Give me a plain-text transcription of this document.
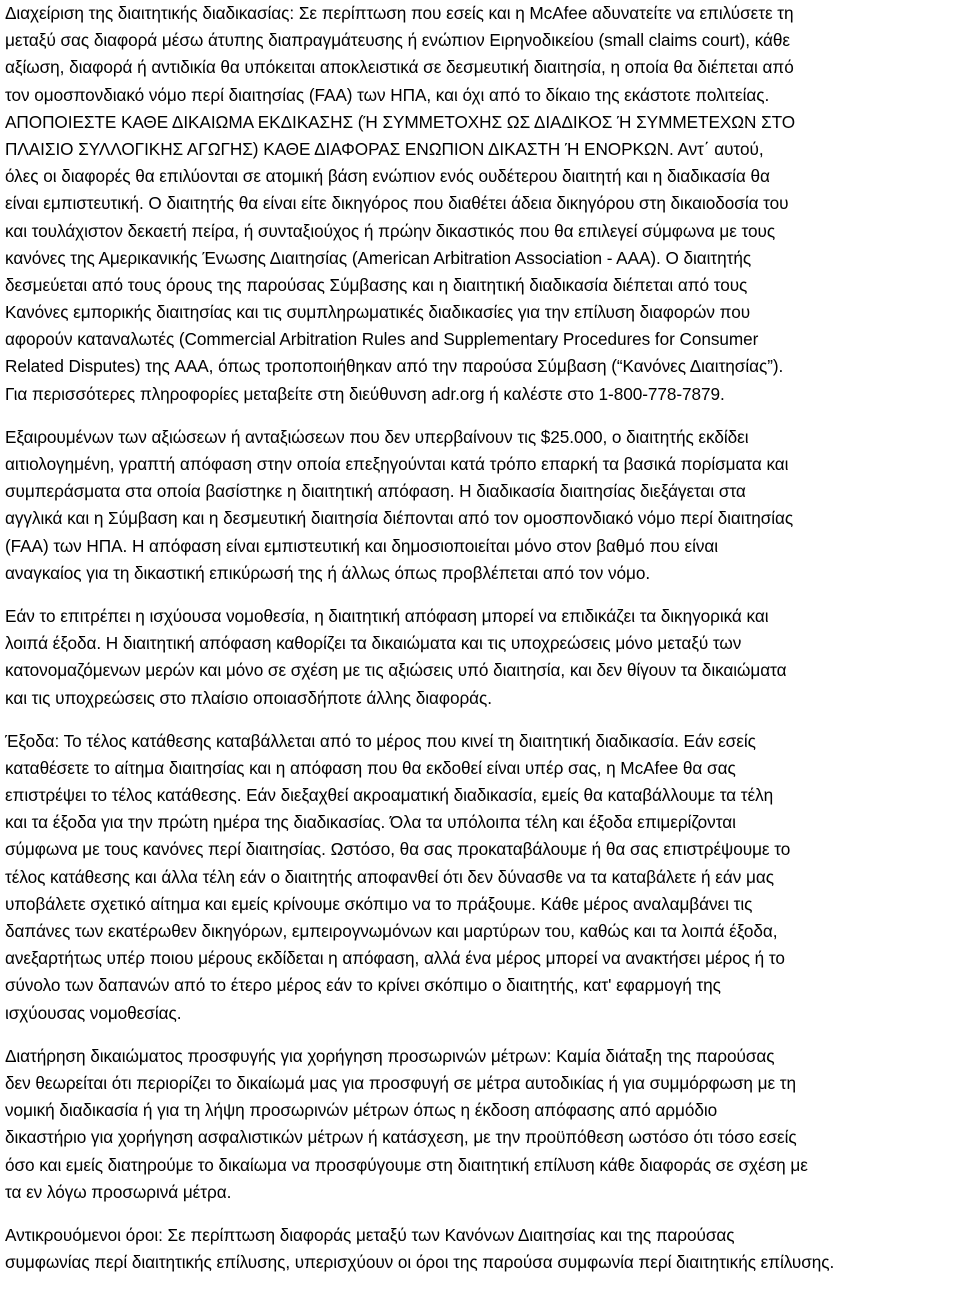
Διαχείριση της διαιτητικής διαδικασίας: Σε περίπτωση που εσείς και η McAfee αδυνατείτε να επιλύσετε τη
μεταξύ σας διαφορά μέσω άτυπης διαπραγμάτευσης ή ενώπιον Ειρηνοδικείου (small claims court), κάθε
αξίωση, διαφορά ή αντιδικία θα υπόκειται αποκλειστικά σε δεσμευτική διαιτησία, η οποία θα διέπεται από
τον ομοσπονδιακό νόμο περί διαιτησίας (FAA) των ΗΠΑ, και όχι από το δίκαιο της εκάστοτε πολιτείας.
ΑΠΟΠΟΙΕΣΤΕ ΚΑΘΕ ΔΙΚΑΙΩΜΑ ΕΚΔΙΚΑΣΗΣ (Ή ΣΥΜΜΕΤΟΧΗΣ ΩΣ ΔΙΑΔΙΚΟΣ Ή ΣΥΜΜΕΤΕΧΩΝ ΣΤΟ
ΠΛΑΙΣΙΟ ΣΥΛΛΟΓΙΚΗΣ ΑΓΩΓΗΣ) ΚΑΘΕ ΔΙΑΦΟΡΑΣ ΕΝΩΠΙΟΝ ΔΙΚΑΣΤΗ Ή ΕΝΟΡΚΩΝ. Αντ΄ αυτού,
όλες οι διαφορές θα επιλύονται σε ατομική βάση ενώπιον ενός ουδέτερου διαιτητή και η διαδικασία θα
είναι εμπιστευτική. Ο διαιτητής θα είναι είτε δικηγόρος που διαθέτει άδεια δικηγόρου στη δικαιοδοσία του
και τουλάχιστον δεκαετή πείρα, ή συνταξιούχος ή πρώην δικαστικός που θα επιλεγεί σύμφωνα με τους
κανόνες της Αμερικανικής Ένωσης Διαιτησίας (American Arbitration Association - AAA). Ο διαιτητής
δεσμεύεται από τους όρους της παρούσας Σύμβασης και η διαιτητική διαδικασία διέπεται από τους
Κανόνες εμπορικής διαιτησίας και τις συμπληρωματικές διαδικασίες για την επίλυση διαφορών που
αφορούν καταναλωτές (Commercial Arbitration Rules and Supplementary Procedures for Consumer
Related Disputes) της AAA, όπως τροποποιήθηκαν από την παρούσα Σύμβαση (“Κανόνες Διαιτησίας”).
Για περισσότερες πληροφορίες μεταβείτε στη διεύθυνση adr.org ή καλέστε στο 1-800-778-7879.

Εξαιρουμένων των αξιώσεων ή ανταξιώσεων που δεν υπερβαίνουν τις $25.000, ο διαιτητής εκδίδει
αιτιολογημένη, γραπτή απόφαση στην οποία επεξηγούνται κατά τρόπο επαρκή τα βασικά πορίσματα και
συμπεράσματα στα οποία βασίστηκε η διαιτητική απόφαση. Η διαδικασία διαιτησίας διεξάγεται στα
αγγλικά και η Σύμβαση και η δεσμευτική διαιτησία διέπονται από τον ομοσπονδιακό νόμο περί διαιτησίας
(FAA) των ΗΠΑ. Η απόφαση είναι εμπιστευτική και δημοσιοποιείται μόνο στον βαθμό που είναι
αναγκαίος για τη δικαστική επικύρωσή της ή άλλως όπως προβλέπεται από τον νόμο.

Εάν το επιτρέπει η ισχύουσα νομοθεσία, η διαιτητική απόφαση μπορεί να επιδικάζει τα δικηγορικά και
λοιπά έξοδα. Η διαιτητική απόφαση καθορίζει τα δικαιώματα και τις υποχρεώσεις μόνο μεταξύ των
κατονομαζόμενων μερών και μόνο σε σχέση με τις αξιώσεις υπό διαιτησία, και δεν θίγουν τα δικαιώματα
και τις υποχρεώσεις στο πλαίσιο οποιασδήποτε άλλης διαφοράς.

Έξοδα: Το τέλος κατάθεσης καταβάλλεται από το μέρος που κινεί τη διαιτητική διαδικασία. Εάν εσείς
καταθέσετε το αίτημα διαιτησίας και η απόφαση που θα εκδοθεί είναι υπέρ σας, η McAfee θα σας
επιστρέψει το τέλος κατάθεσης. Εάν διεξαχθεί ακροαματική διαδικασία, εμείς θα καταβάλλουμε τα τέλη
και τα έξοδα για την πρώτη ημέρα της διαδικασίας. Όλα τα υπόλοιπα τέλη και έξοδα επιμερίζονται
σύμφωνα με τους κανόνες περί διαιτησίας. Ωστόσο, θα σας προκαταβάλουμε ή θα σας επιστρέψουμε το
τέλος κατάθεσης και άλλα τέλη εάν ο διαιτητής αποφανθεί ότι δεν δύνασθε να τα καταβάλετε ή εάν μας
υποβάλετε σχετικό αίτημα και εμείς κρίνουμε σκόπιμο να το πράξουμε. Κάθε μέρος αναλαμβάνει τις
δαπάνες των εκατέρωθεν δικηγόρων, εμπειρογνωμόνων και μαρτύρων του, καθώς και τα λοιπά έξοδα,
ανεξαρτήτως υπέρ ποιου μέρους εκδίδεται η απόφαση, αλλά ένα μέρος μπορεί να ανακτήσει μέρος ή το
σύνολο των δαπανών από το έτερο μέρος εάν το κρίνει σκόπιμο ο διαιτητής, κατ' εφαρμογή της
ισχύουσας νομοθεσίας.

Διατήρηση δικαιώματος προσφυγής για χορήγηση προσωρινών μέτρων: Καμία διάταξη της παρούσας
δεν θεωρείται ότι περιορίζει το δικαίωμά μας για προσφυγή σε μέτρα αυτοδικίας ή για συμμόρφωση με τη
νομική διαδικασία ή για τη λήψη προσωρινών μέτρων όπως η έκδοση απόφασης από αρμόδιο
δικαστήριο για χορήγηση ασφαλιστικών μέτρων ή κατάσχεση, με την προϋπόθεση ωστόσο ότι τόσο εσείς
όσο και εμείς διατηρούμε το δικαίωμα να προσφύγουμε στη διαιτητική επίλυση κάθε διαφοράς σε σχέση με
τα εν λόγω προσωρινά μέτρα.

Αντικρουόμενοι όροι: Σε περίπτωση διαφοράς μεταξύ των Κανόνων Διαιτησίας και της παρούσας
συμφωνίας περί διαιτητικής επίλυσης, υπερισχύουν οι όροι της παρούσα συμφωνία περί διαιτητικής επίλυσης.
